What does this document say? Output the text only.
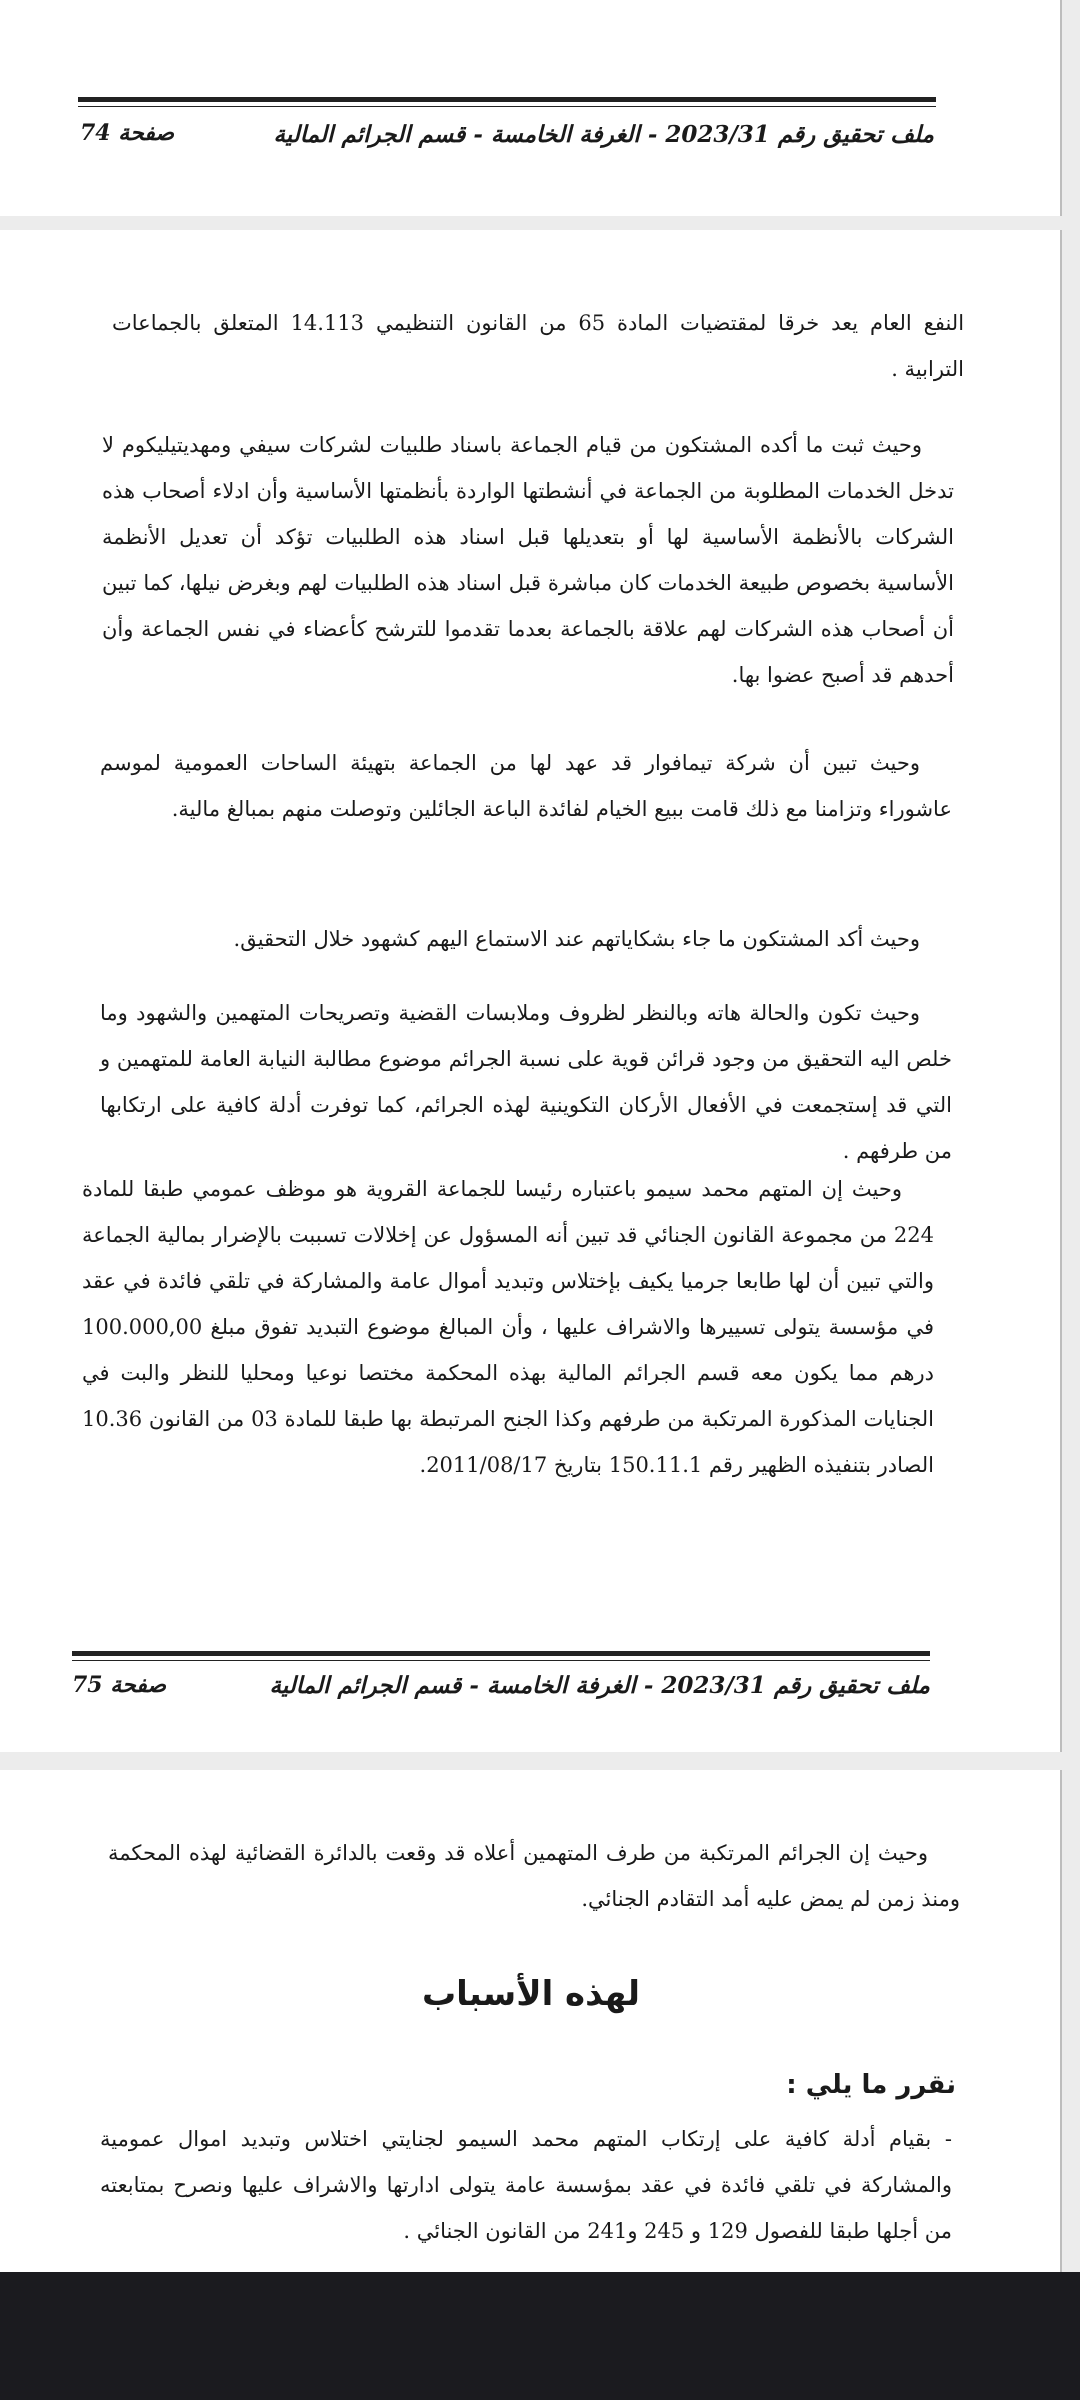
صفحة 74	ملف تحقيق رقم 2023/31 - الغرفة الخامسة - قسم الجرائم المالية

النفع العام يعد خرقا لمقتضيات المادة 65 من القانون التنظيمي 14.113 المتعلق بالجماعات الترابية .

وحيث ثبت ما أكده المشتكون من قيام الجماعة باسناد طلبيات لشركات سيفي ومهديتيليكوم لا تدخل الخدمات المطلوبة من الجماعة في أنشطتها الواردة بأنظمتها الأساسية وأن ادلاء أصحاب هذه الشركات بالأنظمة الأساسية لها أو بتعديلها قبل اسناد هذه الطلبيات تؤكد أن تعديل الأنظمة الأساسية بخصوص طبيعة الخدمات كان مباشرة قبل اسناد هذه الطلبيات لهم وبغرض نيلها، كما تبين أن أصحاب هذه الشركات لهم علاقة بالجماعة بعدما تقدموا للترشح كأعضاء في نفس الجماعة وأن أحدهم قد أصبح عضوا بها.

وحيث تبين أن شركة تيمافوار قد عهد لها من الجماعة بتهيئة الساحات العمومية لموسم عاشوراء وتزامنا مع ذلك قامت ببيع الخيام لفائدة الباعة الجائلين وتوصلت منهم بمبالغ مالية.

وحيث أكد المشتكون ما جاء بشكاياتهم عند الاستماع اليهم كشهود خلال التحقيق.

وحيث تكون والحالة هاته وبالنظر لظروف وملابسات القضية وتصريحات المتهمين والشهود وما خلص اليه التحقيق من وجود قرائن قوية على نسبة الجرائم موضوع مطالبة النيابة العامة للمتهمين و التي قد إستجمعت في الأفعال الأركان التكوينية لهذه الجرائم، كما توفرت أدلة كافية على ارتكابها من طرفهم .

وحيث إن المتهم محمد سيمو باعتباره رئيسا للجماعة القروية هو موظف عمومي طبقا للمادة 224 من مجموعة القانون الجنائي قد تبين أنه المسؤول عن إخلالات تسببت بالإضرار بمالية الجماعة والتي تبين أن لها طابعا جرميا يكيف بإختلاس وتبديد أموال عامة والمشاركة في تلقي فائدة في عقد في مؤسسة يتولى تسييرها والاشراف عليها ، وأن المبالغ موضوع التبديد تفوق مبلغ 100.000,00 درهم مما يكون معه قسم الجرائم المالية بهذه المحكمة مختصا نوعيا ومحليا للنظر والبت في الجنايات المذكورة المرتكبة من طرفهم وكذا الجنح المرتبطة بها طبقا للمادة 03 من القانون 10.36 الصادر بتنفيذه الظهير رقم 150.11.1 بتاريخ 2011/08/17.

صفحة 75	ملف تحقيق رقم 2023/31 - الغرفة الخامسة - قسم الجرائم المالية

وحيث إن الجرائم المرتكبة من طرف المتهمين أعلاه قد وقعت بالدائرة القضائية لهذه المحكمة ومنذ زمن لم يمض عليه أمد التقادم الجنائي.

لهذه الأسباب
نقرر ما يلي :

- بقيام أدلة كافية على إرتكاب المتهم محمد السيمو لجنايتي اختلاس وتبديد اموال عمومية والمشاركة في تلقي فائدة في عقد بمؤسسة عامة يتولى ادارتها والاشراف عليها ونصرح بمتابعته من أجلها طبقا للفصول 129 و 245 و241 من القانون الجنائي .
